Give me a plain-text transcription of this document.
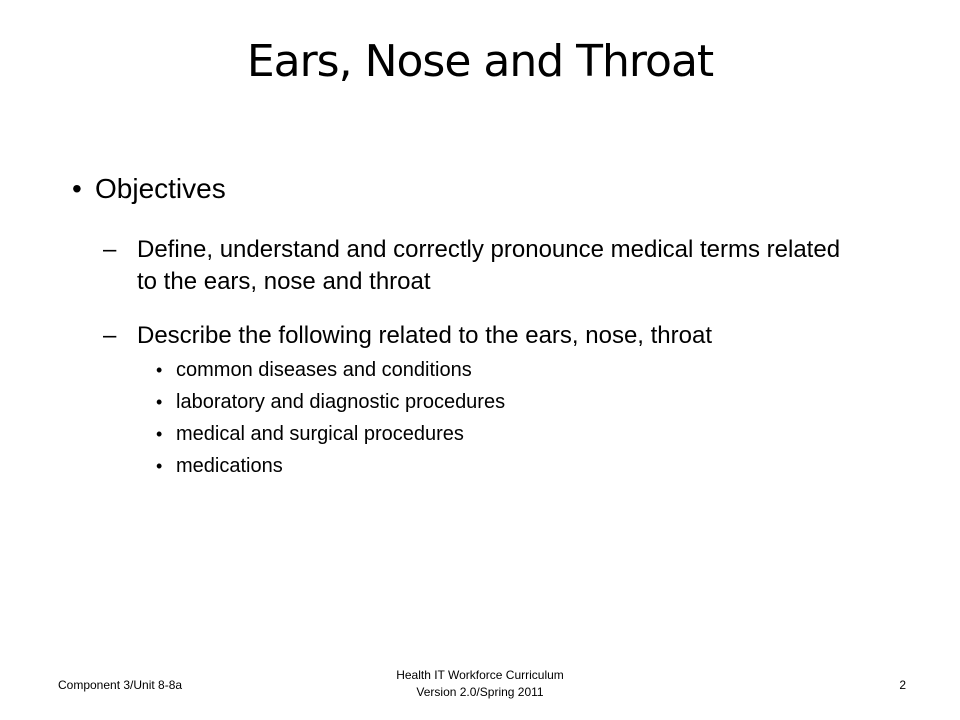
Ears, Nose and Throat
• Objectives
– Define, understand and correctly pronounce medical terms related to the ears, nose and throat
– Describe the following related to the ears, nose, throat
• common diseases and conditions
• laboratory and diagnostic procedures
• medical and surgical procedures
• medications
Component 3/Unit 8-8a
Health IT Workforce Curriculum
Version 2.0/Spring 2011	2
